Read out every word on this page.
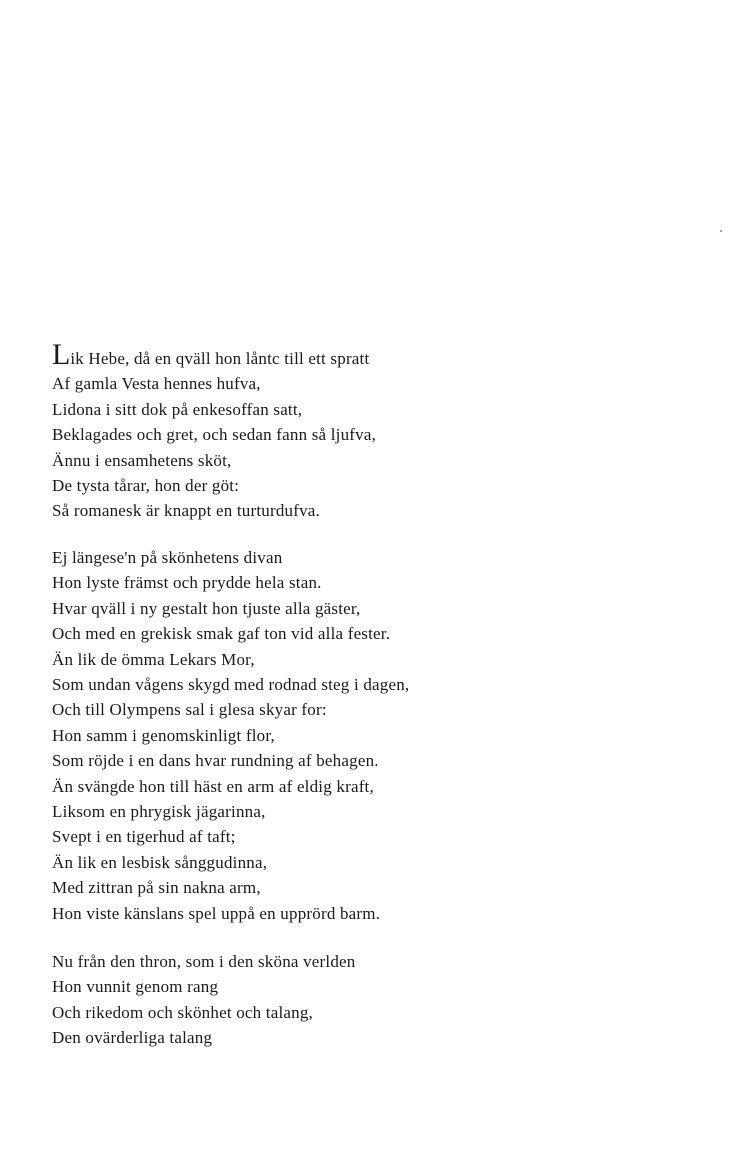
Lik Hebe, då en qväll hon låntc till ett spratt
Af gamla Vesta hennes hufva,
Lidona i sitt dok på enkesoffan satt,
Beklagades och gret, och sedan fann så ljufva,
Ännu i ensamhetens sköt,
De tysta tårar, hon der göt:
Så romanesk är knappt en turturdufva.
Ej längese'n på skönhetens divan
Hon lyste främst och prydde hela stan.
Hvar qväll i ny gestalt hon tjuste alla gäster,
Och med en grekisk smak gaf ton vid alla fester.
Än lik de ömma Lekars Mor,
Som undan vågens skygd med rodnad steg i dagen,
Och till Olympens sal i glesa skyar for:
Hon samm i genomskinligt flor,
Som röjde i en dans hvar rundning af behagen.
Än svängde hon till häst en arm af eldig kraft,
Liksom en phrygisk jägarinna,
Svept i en tigerhud af taft;
Än lik en lesbisk sånggudinna,
Med zittran på sin nakna arm,
Hon viste känslans spel uppå en upprörd barm.
Nu från den thron, som i den sköna verlden
Hon vunnit genom rang
Och rikedom och skönhet och talang,
Den ovärderliga talang
